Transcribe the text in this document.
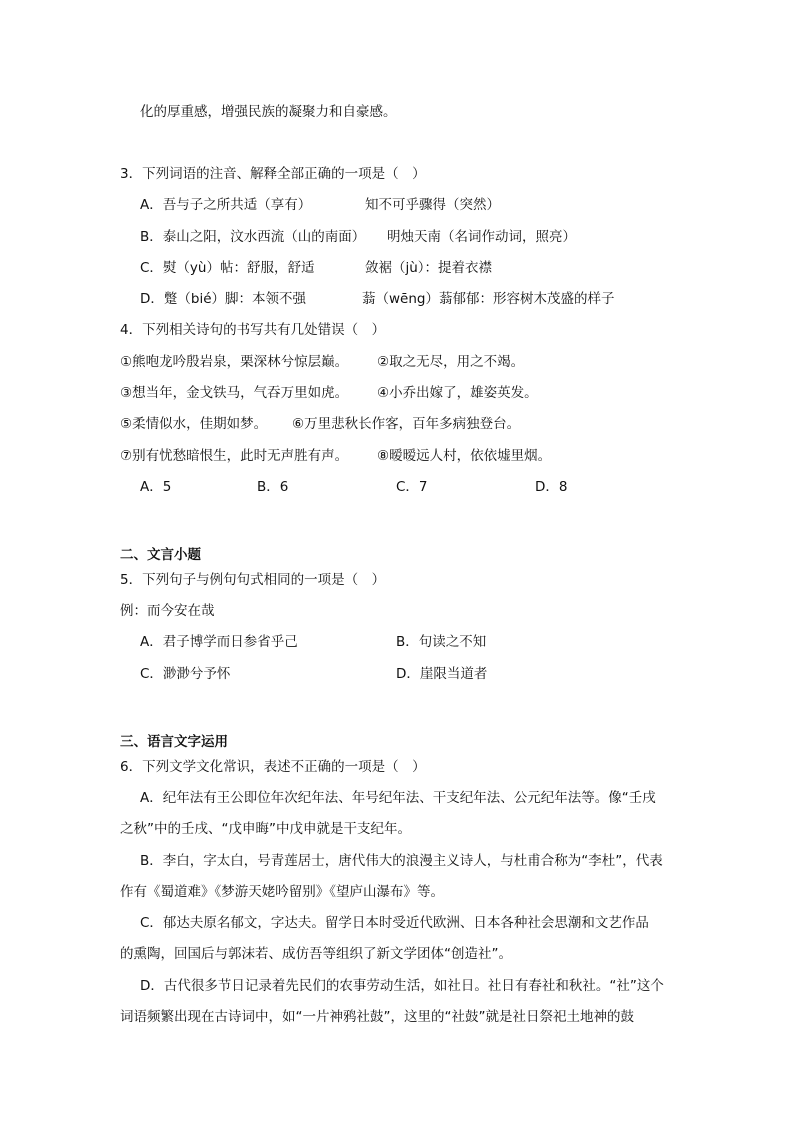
化的厚重感，增强民族的凝聚力和自豪感。
3．下列词语的注音、解释全部正确的一项是（　）
A．吾与子之所共适（享有）	知不可乎骤得（突然）
B．泰山之阳，汶水西流（山的南面） 明烛天南（名词作动词，照亮）
C．熨（yù）帖：舒服，舒适	敛裾（jù）：提着衣襟
D．蹩（bié）脚：本领不强	蓊（wēng）蓊郁郁：形容树木茂盛的样子
4．下列相关诗句的书写共有几处错误（　）
①熊咆龙吟殷岩泉，栗深林兮惊层巅。 ②取之无尽，用之不竭。
③想当年，金戈铁马，气吞万里如虎。 ④小乔出嫁了，雄姿英发。
⑤柔情似水，佳期如梦。 ⑥万里悲秋长作客，百年多病独登台。
⑦别有忧愁暗恨生，此时无声胜有声。 ⑧暧暧远人村，依依墟里烟。
A．5	B．6	C．7	D．8
二、文言小题
5．下列句子与例句句式相同的一项是（　）
例：而今安在哉
A．君子博学而日参省乎己	B．句读之不知
C．渺渺兮予怀	D．崖限当道者
三、语言文字运用
6．下列文学文化常识，表述不正确的一项是（　）
A．纪年法有王公即位年次纪年法、年号纪年法、干支纪年法、公元纪年法等。像“壬戌
之秋”中的壬戌、“戊申晦”中戊申就是干支纪年。
B．李白，字太白，号青莲居士，唐代伟大的浪漫主义诗人，与杜甫合称为“李杜”，代表
作有《蜀道难》《梦游天姥吟留别》《望庐山瀑布》等。
C．郁达夫原名郁文，字达夫。留学日本时受近代欧洲、日本各种社会思潮和文艺作品
的熏陶，回国后与郭沫若、成仿吾等组织了新文学团体“创造社”。
D．古代很多节日记录着先民们的农事劳动生活，如社日。社日有春社和秋社。“社”这个
词语频繁出现在古诗词中，如“一片神鸦社鼓”，这里的“社鼓”就是社日祭祀土地神的鼓
